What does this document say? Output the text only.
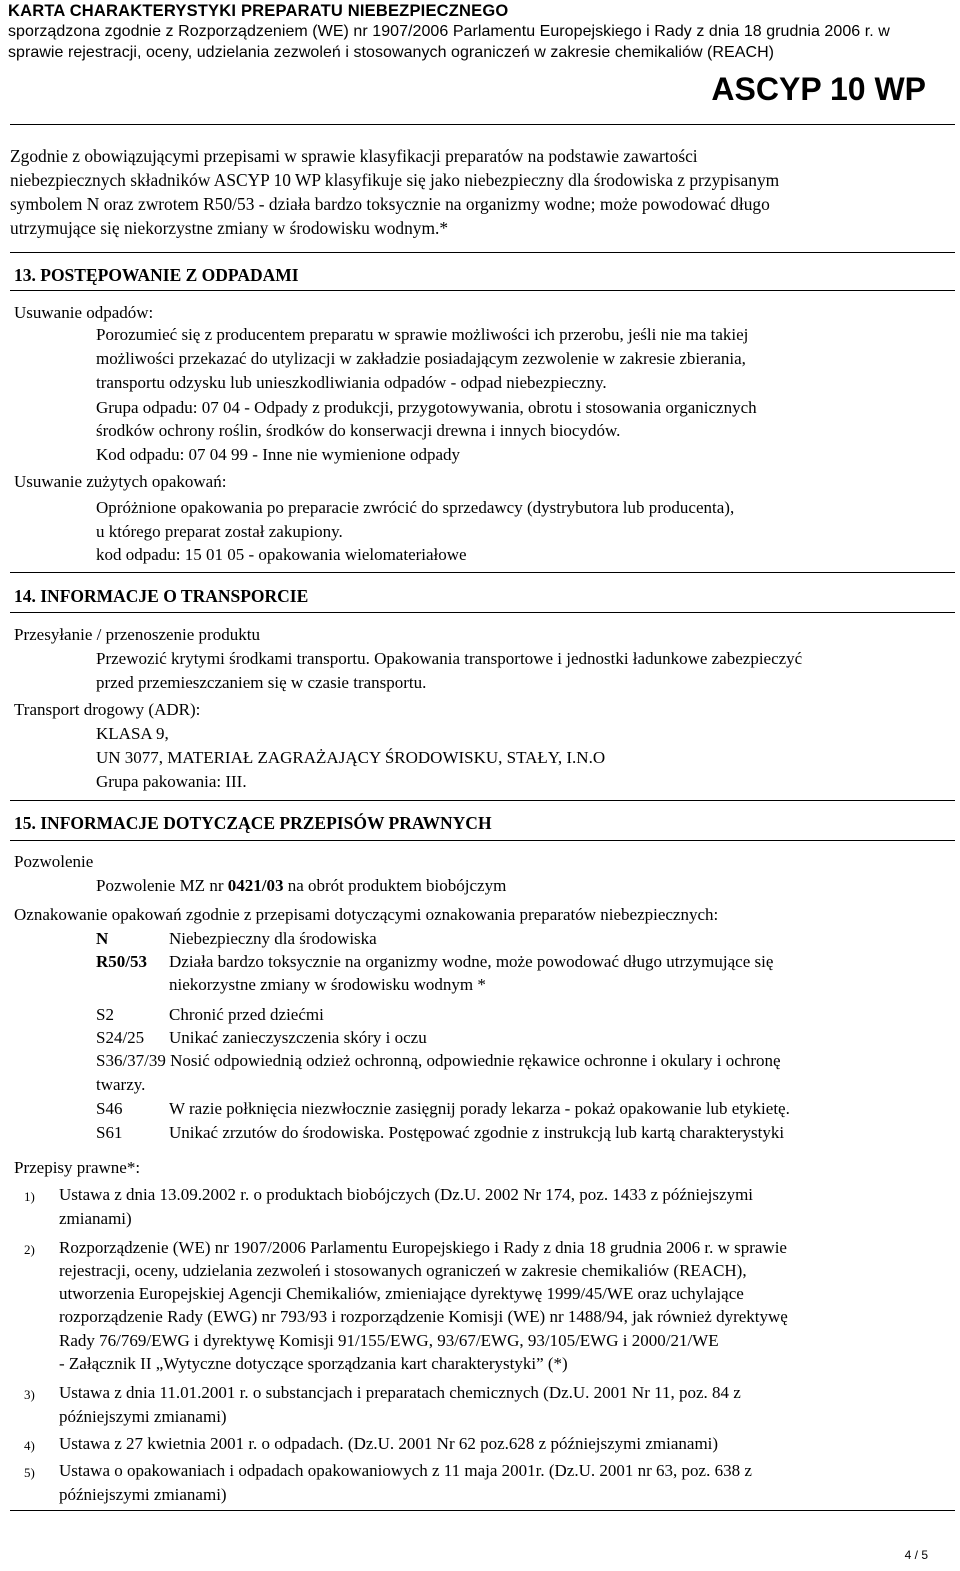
KARTA CHARAKTERYSTYKI PREPARATU NIEBEZPIECZNEGO
sporządzona zgodnie z Rozporządzeniem (WE) nr 1907/2006 Parlamentu Europejskiego i Rady z dnia 18 grudnia 2006 r. w
sprawie rejestracji, oceny, udzielania zezwoleń i stosowanych ograniczeń w zakresie chemikaliów (REACH)
ASCYP 10 WP
Zgodnie z obowiązującymi przepisami w sprawie klasyfikacji preparatów na podstawie zawartości
niebezpiecznych składników ASCYP 10 WP klasyfikuje się jako niebezpieczny dla środowiska z przypisanym
symbolem N oraz zwrotem R50/53 - działa bardzo toksycznie na organizmy wodne; może powodować długo
utrzymujące się niekorzystne zmiany w środowisku wodnym.*
13. POSTĘPOWANIE Z ODPADAMI
Usuwanie odpadów:
Porozumieć się z producentem preparatu w sprawie możliwości ich przerobu, jeśli nie ma takiej
możliwości przekazać do utylizacji w zakładzie posiadającym zezwolenie w zakresie zbierania,
transportu odzysku lub unieszkodliwiania odpadów - odpad niebezpieczny.
Grupa odpadu: 07 04 - Odpady z produkcji, przygotowywania, obrotu i stosowania organicznych
środków ochrony roślin, środków do konserwacji drewna i innych biocydów.
Kod odpadu: 07 04 99 - Inne nie wymienione odpady
Usuwanie zużytych opakowań:
Opróżnione opakowania po preparacie zwrócić do sprzedawcy (dystrybutora lub producenta),
u którego preparat został zakupiony.
kod odpadu: 15 01 05 - opakowania wielomateriałowe
14. INFORMACJE O TRANSPORCIE
Przesyłanie / przenoszenie produktu
Przewozić krytymi środkami transportu. Opakowania transportowe i jednostki ładunkowe zabezpieczyć
przed przemieszczaniem się w czasie transportu.
Transport drogowy (ADR):
KLASA 9,
UN 3077, MATERIAŁ ZAGRAŻAJĄCY ŚRODOWISKU, STAŁY, I.N.O
Grupa pakowania: III.
15. INFORMACJE DOTYCZĄCE PRZEPISÓW PRAWNYCH
Pozwolenie
Pozwolenie MZ nr 0421/03 na obrót produktem biobójczym
Oznakowanie opakowań zgodnie z przepisami dotyczącymi oznakowania preparatów niebezpiecznych:
N	Niebezpieczny dla środowiska
R50/53 Działa bardzo toksycznie na organizmy wodne, może powodować długo utrzymujące się
niekorzystne zmiany w środowisku wodnym *
S2	Chronić przed dziećmi
S24/25 Unikać zanieczyszczenia skóry i oczu
S36/37/39 Nosić odpowiednią odzież ochronną, odpowiednie rękawice ochronne i okulary i ochronę
twarzy.
S46	W razie połknięcia niezwłocznie zasięgnij porady lekarza - pokaż opakowanie lub etykietę.
S61	Unikać zrzutów do środowiska. Postępować zgodnie z instrukcją lub kartą charakterystyki
Przepisy prawne*:
1) Ustawa z dnia 13.09.2002 r. o produktach biobójczych (Dz.U. 2002 Nr 174, poz. 1433 z późniejszymi
zmianami)
2) Rozporządzenie (WE) nr 1907/2006 Parlamentu Europejskiego i Rady z dnia 18 grudnia 2006 r. w sprawie
rejestracji, oceny, udzielania zezwoleń i stosowanych ograniczeń w zakresie chemikaliów (REACH),
utworzenia Europejskiej Agencji Chemikaliów, zmieniające dyrektywę 1999/45/WE oraz uchylające
rozporządzenie Rady (EWG) nr 793/93 i rozporządzenie Komisji (WE) nr 1488/94, jak również dyrektywę
Rady 76/769/EWG i dyrektywę Komisji 91/155/EWG, 93/67/EWG, 93/105/EWG i 2000/21/WE
- Załącznik II „Wytyczne dotyczące sporządzania kart charakterystyki” (*)
3) Ustawa z dnia 11.01.2001 r. o substancjach i preparatach chemicznych (Dz.U. 2001 Nr 11, poz. 84 z
późniejszymi zmianami)
4) Ustawa z 27 kwietnia 2001 r. o odpadach. (Dz.U. 2001 Nr 62 poz.628 z późniejszymi zmianami)
5) Ustawa o opakowaniach i odpadach opakowaniowych z 11 maja 2001r. (Dz.U. 2001 nr 63, poz. 638 z
późniejszymi zmianami)
4 / 5
